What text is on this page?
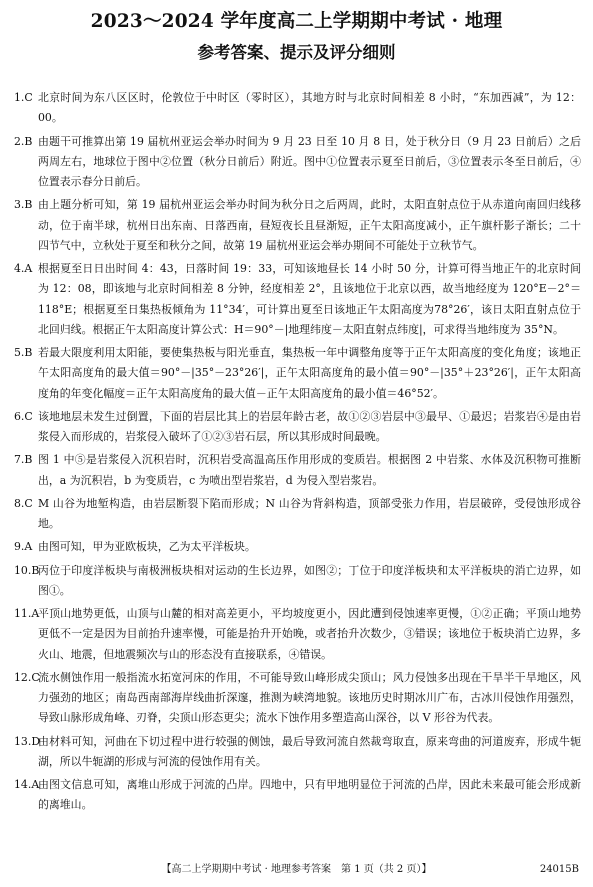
2023～2024 学年度高二上学期期中考试 · 地理
参考答案、提示及评分细则
1.C 北京时间为东八区区时，伦敦位于中时区（零时区），其地方时与北京时间相差 8 小时，“东加西减”，为 12：00。
2.B 由题干可推算出第 19 届杭州亚运会举办时间为 9 月 23 日至 10 月 8 日，处于秋分日（9 月 23 日前后）之后两周左右，地球位于图中②位置（秋分日前后）附近。图中①位置表示夏至日前后，③位置表示冬至日前后，④位置表示春分日前后。
3.B 由上题分析可知，第 19 届杭州亚运会举办时间为秋分日之后两周，此时，太阳直射点位于从赤道向南回归线移动，位于南半球，杭州日出东南、日落西南，昼短夜长且昼渐短，正午太阳高度减小，正午旗杆影子渐长；二十四节气中，立秋处于夏至和秋分之间，故第 19 届杭州亚运会举办期间不可能处于立秋节气。
4.A 根据夏至日日出时间 4：43，日落时间 19：33，可知该地昼长 14 小时 50 分，计算可得当地正午的北京时间为 12：08，即该地与北京时间相差 8 分钟，经度相差 2°，且该地位于北京以西，故当地经度为 120°E－2°＝118°E；根据夏至日集热板倾角为 11°34′，可计算出夏至日该地正午太阳高度为78°26′，该日太阳直射点位于北回归线。根据正午太阳高度计算公式：H＝90°－|地理纬度－太阳直射点纬度|，可求得当地纬度为 35°N。
5.B 若最大限度利用太阳能，要使集热板与阳光垂直，集热板一年中调整角度等于正午太阳高度的变化角度；该地正午太阳高度角的最大值＝90°－|35°－23°26′|，正午太阳高度角的最小值＝90°－|35°＋23°26′|，正午太阳高度角的年变化幅度＝正午太阳高度角的最大值－正午太阳高度角的最小值＝46°52′。
6.C 该地地层未发生过倒置，下面的岩层比其上的岩层年龄古老，故①②③岩层中③最早、①最迟；岩浆岩④是由岩浆侵入而形成的，岩浆侵入破坏了①②③岩石层，所以其形成时间最晚。
7.B 图 1 中⑤是岩浆侵入沉积岩时，沉积岩受高温高压作用形成的变质岩。根据图 2 中岩浆、水体及沉积物可推断出，a 为沉积岩，b 为变质岩，c 为喷出型岩浆岩，d 为侵入型岩浆岩。
8.C M 山谷为地堑构造，由岩层断裂下陷而形成；N 山谷为背斜构造，顶部受张力作用，岩层破碎，受侵蚀形成谷地。
9.A 由图可知，甲为亚欧板块，乙为太平洋板块。
10.B
丙位于印度洋板块与南极洲板块相对运动的生长边界，如图②；丁位于印度洋板块和太平洋板块的消亡边界，如图①。
11.A
平顶山地势更低，山顶与山麓的相对高差更小，平均坡度更小，因此遭到侵蚀速率更慢，①②正确；平顶山地势更低不一定是因为目前抬升速率慢，可能是抬升开始晚，或者抬升次数少，③错误；该地位于板块消亡边界，多火山、地震，但地震频次与山的形态没有直接联系，④错误。
12.C
流水侧蚀作用一般指流水拓宽河床的作用，不可能导致山峰形成尖顶山；风力侵蚀多出现在干旱半干旱地区，风力强劲的地区；南岛西南部海岸线曲折深邃，推测为峡湾地貌。该地历史时期冰川广布，古冰川侵蚀作用强烈，导致山脉形成角峰、刃脊，尖顶山形态更尖；流水下蚀作用多塑造高山深谷，以 V 形谷为代表。
13.D
由材料可知，河曲在下切过程中进行较强的侧蚀，最后导致河流自然裁弯取直，原来弯曲的河道废弃，形成牛轭湖，所以牛轭湖的形成与河流的侵蚀作用有关。
14.A
由图文信息可知，离堆山形成于河流的凸岸。四地中，只有甲地明显位于河流的凸岸，因此未来最可能会形成新的离堆山。
【高二上学期期中考试 · 地理参考答案　第 1 页（共 2 页）】	24015B
